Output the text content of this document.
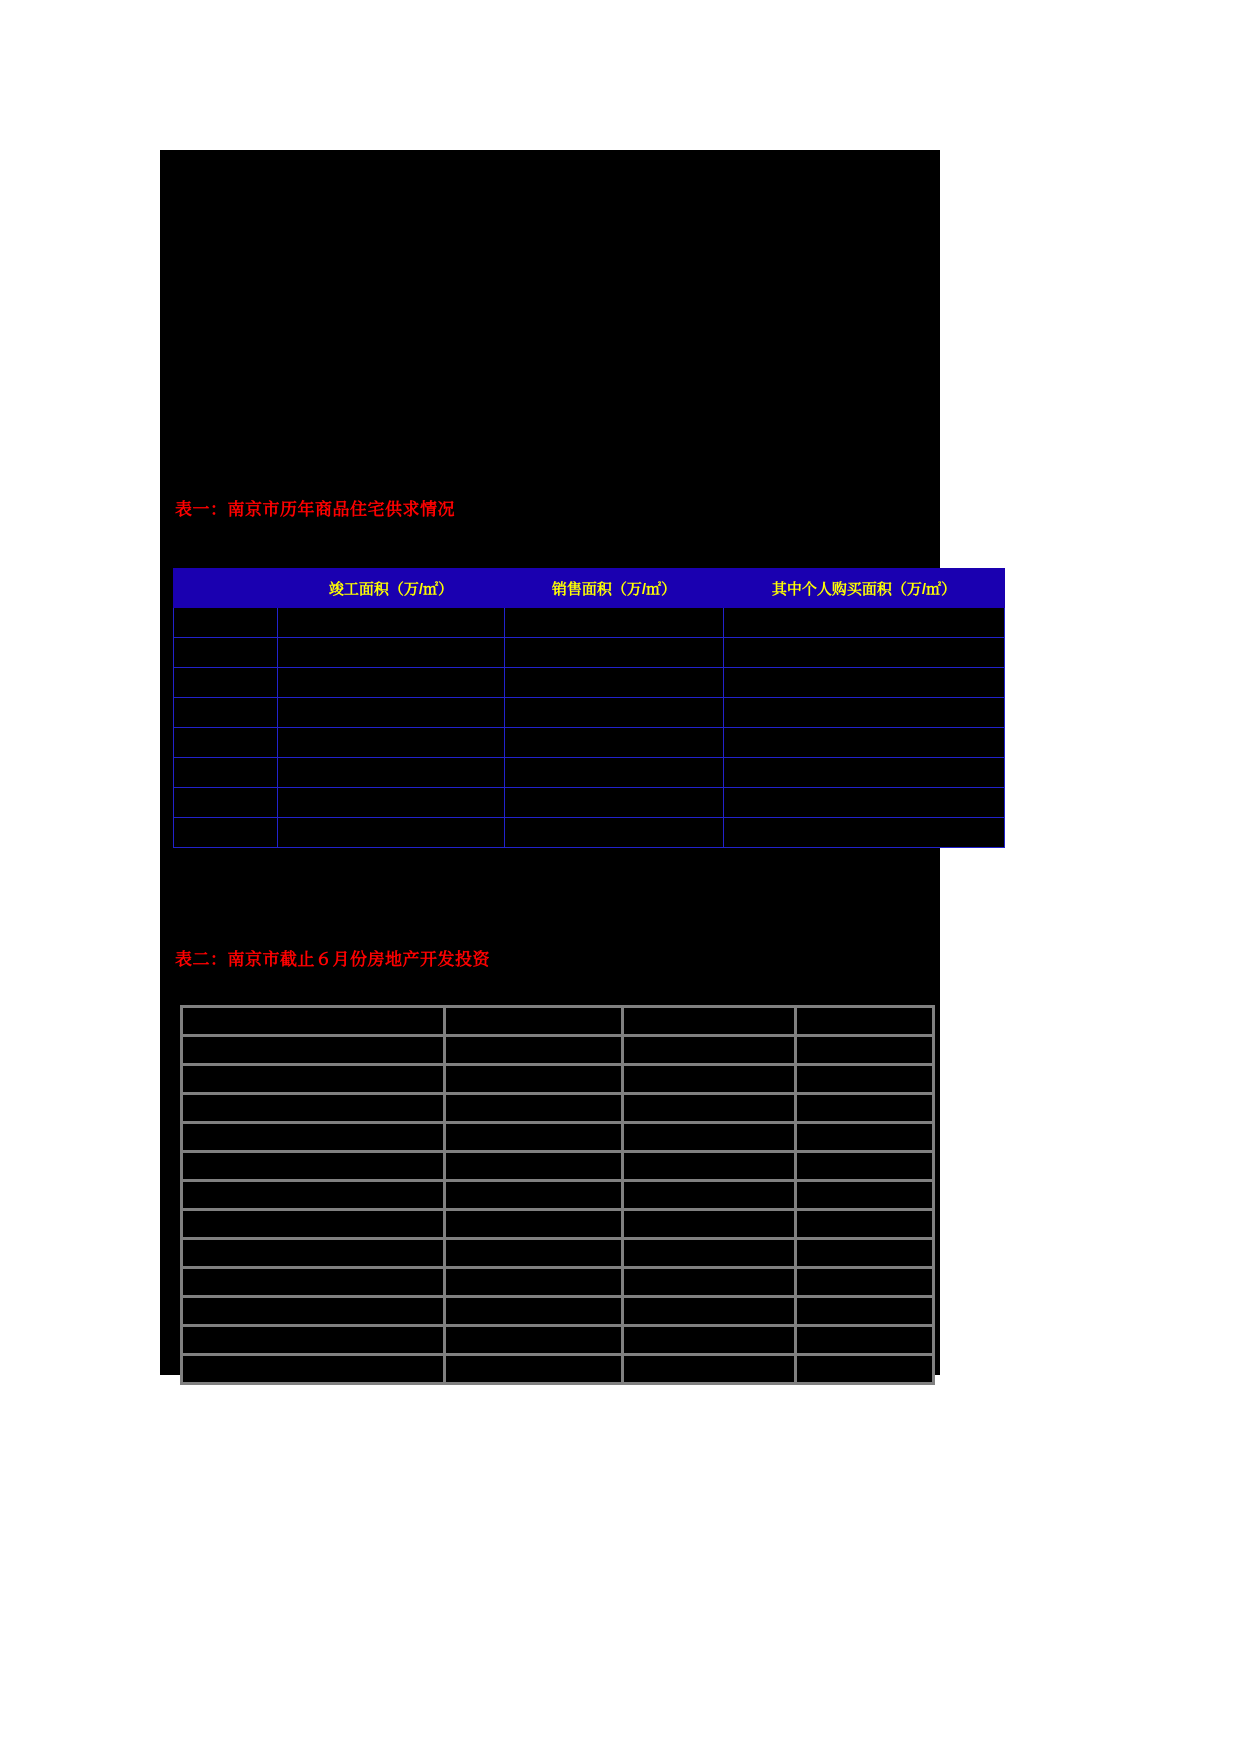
表一：南京市历年商品住宅供求情况
	竣工面积（万/㎡）	销售面积（万/㎡）	其中个人购买面积（万/㎡）

表二：南京市截止６月份房地产开发投资
